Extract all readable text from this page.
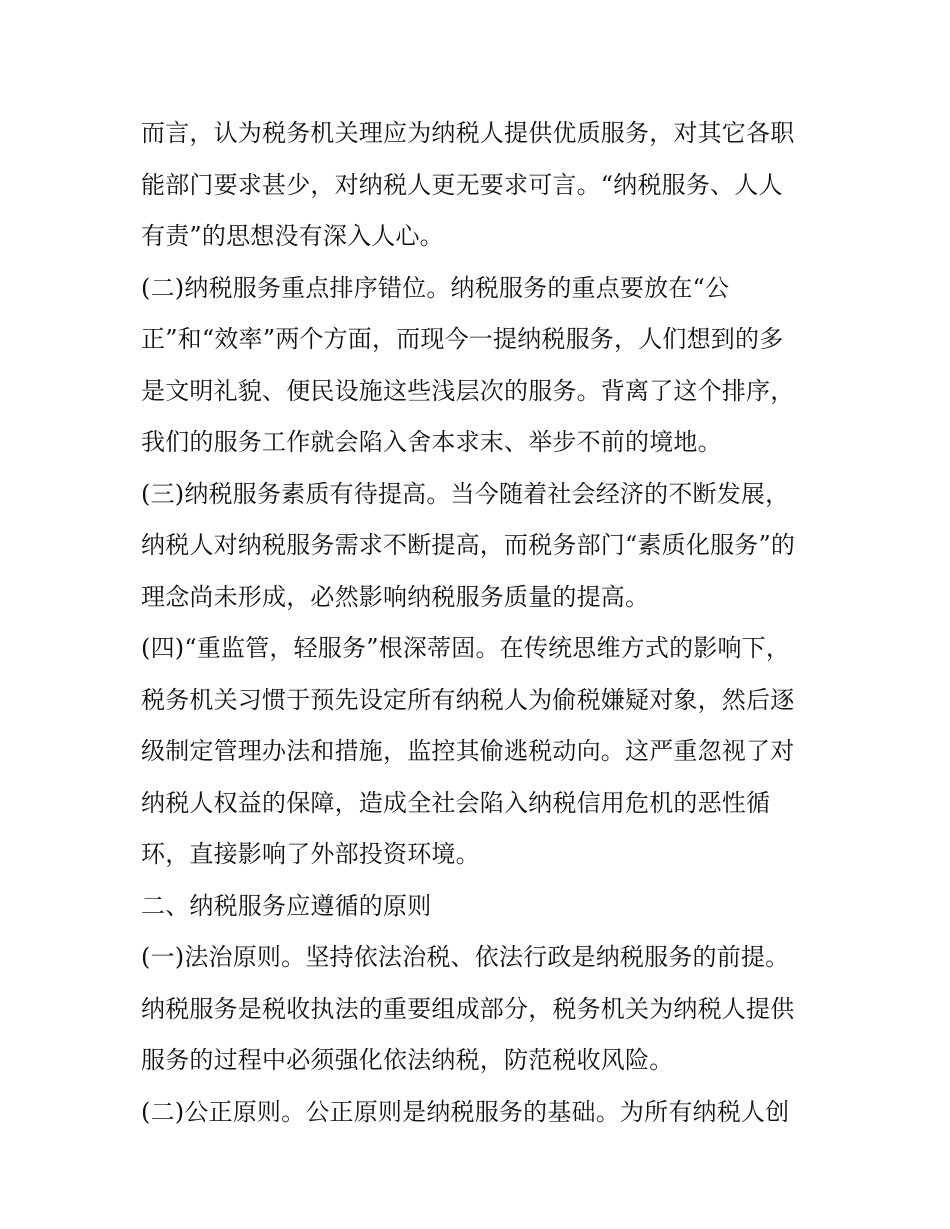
而言，认为税务机关理应为纳税人提供优质服务，对其它各职
能部门要求甚少，对纳税人更无要求可言。“纳税服务、人人
有责”的思想没有深入人心。
(二)纳税服务重点排序错位。纳税服务的重点要放在“公
正”和“效率”两个方面，而现今一提纳税服务，人们想到的多
是文明礼貌、便民设施这些浅层次的服务。背离了这个排序，
我们的服务工作就会陷入舍本求末、举步不前的境地。
(三)纳税服务素质有待提高。当今随着社会经济的不断发展，
纳税人对纳税服务需求不断提高，而税务部门“素质化服务”的
理念尚未形成，必然影响纳税服务质量的提高。
(四)“重监管，轻服务”根深蒂固。在传统思维方式的影响下，
税务机关习惯于预先设定所有纳税人为偷税嫌疑对象，然后逐
级制定管理办法和措施，监控其偷逃税动向。这严重忽视了对
纳税人权益的保障，造成全社会陷入纳税信用危机的恶性循
环，直接影响了外部投资环境。
二、纳税服务应遵循的原则
(一)法治原则。坚持依法治税、依法行政是纳税服务的前提。
纳税服务是税收执法的重要组成部分，税务机关为纳税人提供
服务的过程中必须强化依法纳税，防范税收风险。
(二)公正原则。公正原则是纳税服务的基础。为所有纳税人创
